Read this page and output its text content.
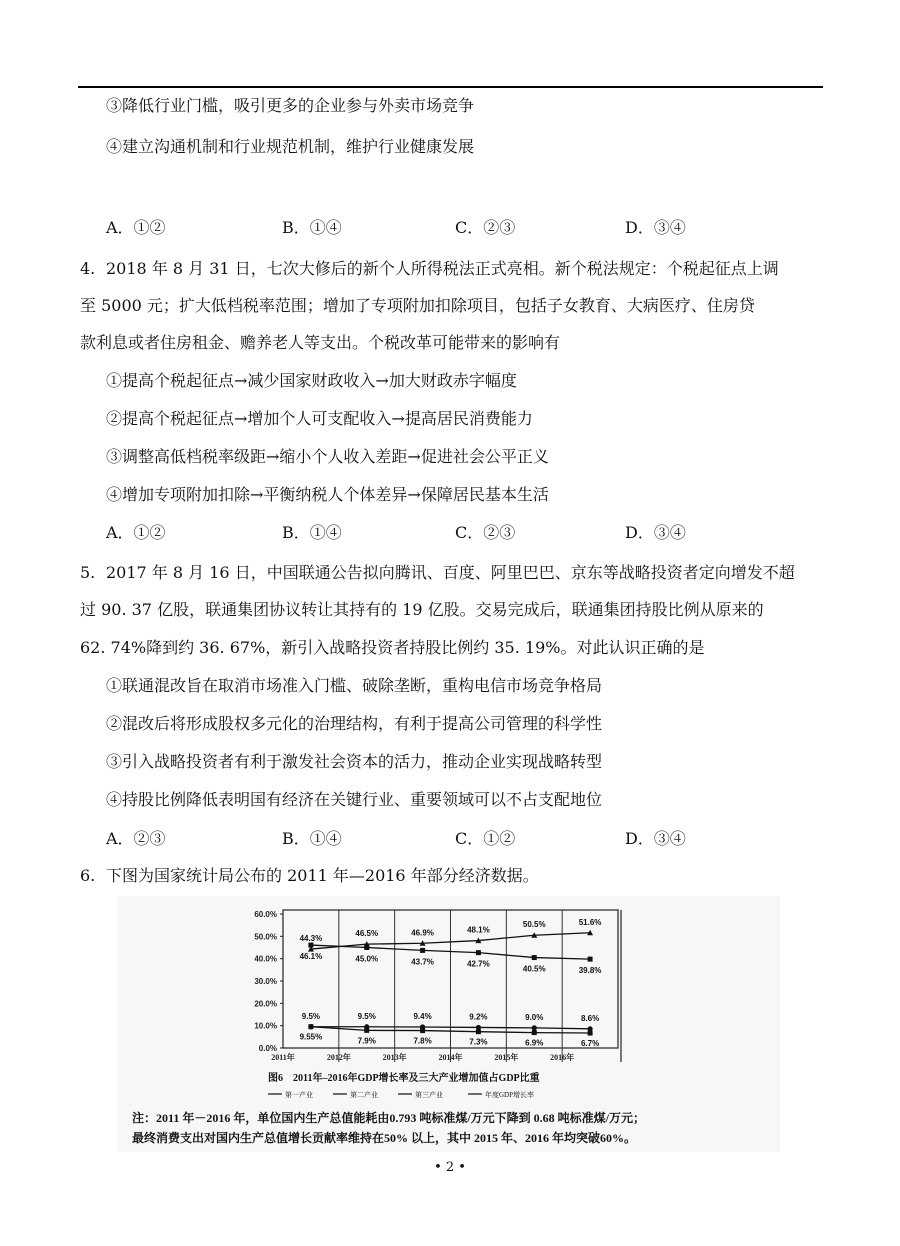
③降低行业门槛，吸引更多的企业参与外卖市场竞争
④建立沟通机制和行业规范机制，维护行业健康发展
A．①②	B．①④	C．②③	D．③④
4. 2018 年 8 月 31 日，七次大修后的新个人所得税法正式亮相。新个税法规定：个税起征点上调
至 5000 元；扩大低档税率范围；增加了专项附加扣除项目，包括子女教育、大病医疗、住房贷
款利息或者住房租金、赡养老人等支出。个税改革可能带来的影响有
①提高个税起征点→减少国家财政收入→加大财政赤字幅度
②提高个税起征点→增加个人可支配收入→提高居民消费能力
③调整高低档税率级距→缩小个人收入差距→促进社会公平正义
④增加专项附加扣除→平衡纳税人个体差异→保障居民基本生活
A．①②	B．①④	C．②③	D．③④
5. 2017 年 8 月 16 日，中国联通公告拟向腾讯、百度、阿里巴巴、京东等战略投资者定向增发不超
过 90. 37 亿股，联通集团协议转让其持有的 19 亿股。交易完成后，联通集团持股比例从原来的
62. 74%降到约 36. 67%，新引入战略投资者持股比例约 35. 19%。对此认识正确的是
①联通混改旨在取消市场准入门槛、破除垄断，重构电信市场竞争格局
②混改后将形成股权多元化的治理结构，有利于提高公司管理的科学性
③引入战略投资者有利于激发社会资本的活力，推动企业实现战略转型
④持股比例降低表明国有经济在关键行业、重要领域可以不占支配地位
A．②③	B．①④	C．①②	D．③④
6. 下图为国家统计局公布的 2011 年—2016 年部分经济数据。
0.0%
10.0%
20.0%
30.0%
40.0%
50.0%
60.0%
2011年	2012年	2013年	2014年	2015年	2016年
9.5%	9.5%	9.4%	9.2%	9.0%	8.6%
46.1%	45.0%	43.7%	42.7%
40.5%	39.8%
44.3%
46.5%	46.9%	48.1%
50.5%	51.6%
9.55%	7.9%	7.8%	7.3%	6.9%	6.7%
图6　2011年–2016年GDP增长率及三大产业增加值占GDP比重
第一产业	第二产业	第三产业	年度GDP增长率
注：2011 年－2016 年，单位国内生产总值能耗由0.793 吨标准煤/万元下降到 0.68 吨标准煤/万元；
最终消费支出对国内生产总值增长贡献率维持在50% 以上，其中 2015 年、2016 年均突破60%。
• 2 •
